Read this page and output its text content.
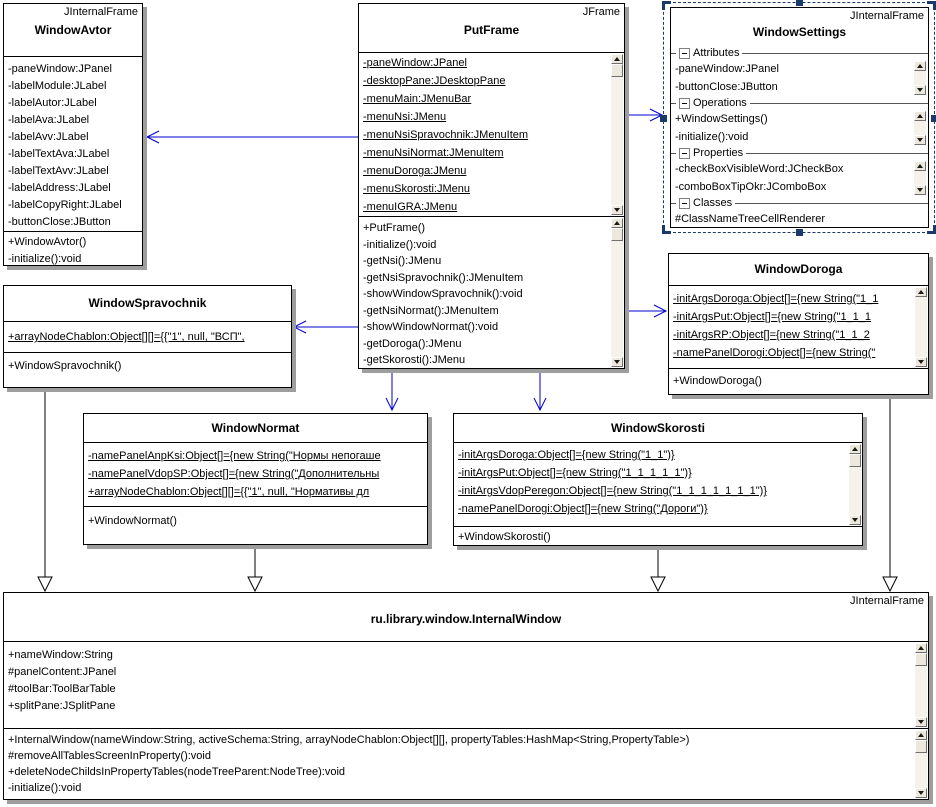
JInternalFrame
WindowAvtor
-paneWindow:JPanel
-labelModule:JLabel
-labelAutor:JLabel
-labelAva:JLabel
-labelAvv:JLabel
-labelTextAva:JLabel
-labelTextAvv:JLabel
-labelAddress:JLabel
-labelCopyRight:JLabel
-buttonClose:JButton
+WindowAvtor()
-initialize():void
JFrame
PutFrame
-paneWindow:JPanel
-desktopPane:JDesktopPane
-menuMain:JMenuBar
-menuNsi:JMenu
-menuNsiSpravochnik:JMenuItem
-menuNsiNormat:JMenuItem
-menuDoroga:JMenu
-menuSkorosti:JMenu
-menuIGRA:JMenu
+PutFrame()
-initialize():void
-getNsi():JMenu
-getNsiSpravochnik():JMenuItem
-showWindowSpravochnik():void
-getNsiNormat():JMenuItem
-showWindowNormat():void
-getDoroga():JMenu
-getSkorosti():JMenu
JInternalFrame
WindowSettings
Attributes
-paneWindow:JPanel
-buttonClose:JButton
Operations
+WindowSettings()
-initialize():void
Properties
-checkBoxVisibleWord:JCheckBox
-comboBoxTipOkr:JComboBox
Classes
#ClassNameTreeCellRenderer
WindowSpravochnik
+arrayNodeChablon:Object[][]={{"1", null, "ВСП",
+WindowSpravochnik()
WindowDoroga
-initArgsDoroga:Object[]={new String("1_1
-initArgsPut:Object[]={new String("1_1_1
-initArgsRP:Object[]={new String("1_1_2
-namePanelDorogi:Object[]={new String("
+WindowDoroga()
WindowNormat
-namePanelAnpKsi:Object[]={new String("Нормы непогаше
-namePanelVdopSP:Object[]={new String("Дополнительны
+arrayNodeChablon:Object[][]={{"1", null, "Нормативы дл
+WindowNormat()
WindowSkorosti
-initArgsDoroga:Object[]={new String("1_1")}
-initArgsPut:Object[]={new String("1_1_1_1_1")}
-initArgsVdopPeregon:Object[]={new String("1_1_1_1_1_1_1")}
-namePanelDorogi:Object[]={new String("Дороги")}
+WindowSkorosti()
JInternalFrame
ru.library.window.InternalWindow
+nameWindow:String
#panelContent:JPanel
#toolBar:ToolBarTable
+splitPane:JSplitPane
+InternalWindow(nameWindow:String, activeSchema:String, arrayNodeChablon:Object[][], propertyTables:HashMap<String,PropertyTable>)
#removeAllTablesScreenInProperty():void
+deleteNodeChildsInPropertyTables(nodeTreeParent:NodeTree):void
-initialize():void
